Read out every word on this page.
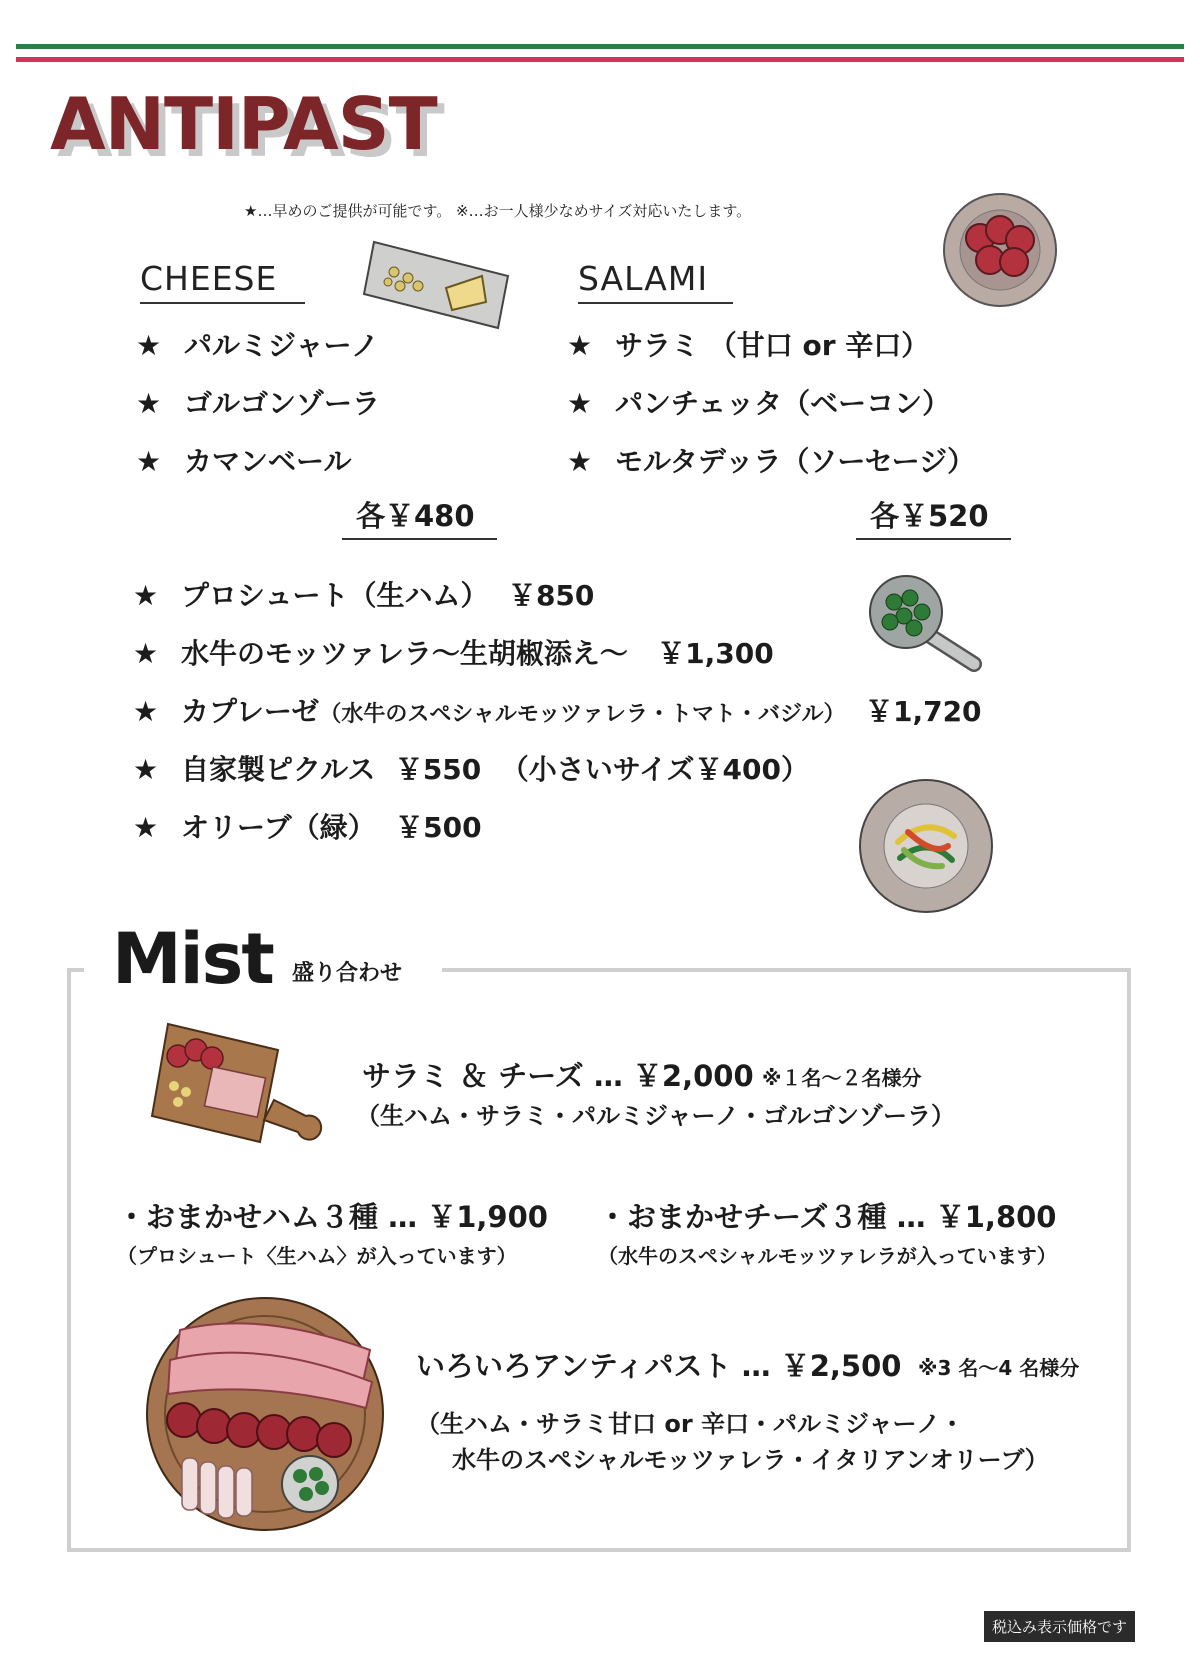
ANTIPAST
★…早めのご提供が可能です。 ※…お一人様少なめサイズ対応いたします。
CHEESE
★ パルミジャーノ
★ ゴルゴンゾーラ
★ カマンベール
各￥480
SALAMI
★ サラミ （甘口 or 辛口）
★ パンチェッタ（ベーコン）
★ モルタデッラ（ソーセージ）
各￥520
★ プロシュート（生ハム） ￥850
★ 水牛のモッツァレラ～生胡椒添え～ ￥1,300
★ カプレーゼ（水牛のスペシャルモッツァレラ・トマト・バジル） ￥1,720
★ 自家製ピクルス ￥550 （小さいサイズ￥400）
★ オリーブ（緑） ￥500
Mist 盛り合わせ
サラミ ＆ チーズ … ￥2,000 ※１名～２名様分
（生ハム・サラミ・パルミジャーノ・ゴルゴンゾーラ）
・おまかせハム３種 … ￥1,900
（プロシュート〈生ハム〉が入っています）
・おまかせチーズ３種 … ￥1,800
（水牛のスペシャルモッツァレラが入っています）
いろいろアンティパスト … ￥2,500 ※3 名～4 名様分
（生ハム・サラミ甘口 or 辛口・パルミジャーノ・
水牛のスペシャルモッツァレラ・イタリアンオリーブ）
税込み表示価格です
